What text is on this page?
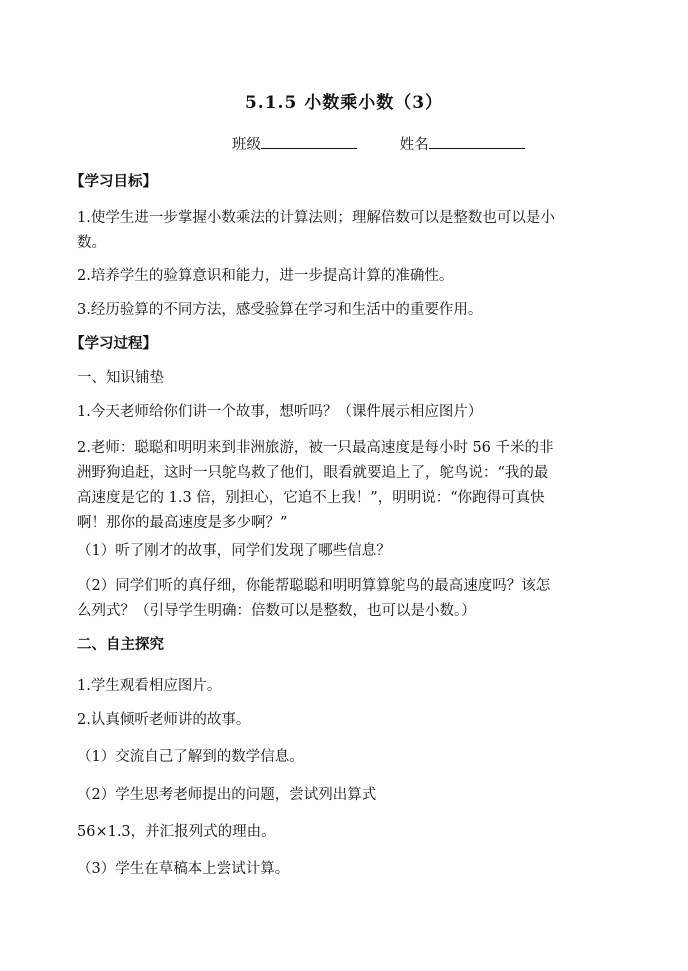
5.1.5 小数乘小数（3）
班级	姓名
【学习目标】
1.使学生进一步掌握小数乘法的计算法则；理解倍数可以是整数也可以是小数。
2.培养学生的验算意识和能力，进一步提高计算的准确性。
3.经历验算的不同方法，感受验算在学习和生活中的重要作用。
【学习过程】
一、知识铺垫
1.今天老师给你们讲一个故事，想听吗？（课件展示相应图片）
2.老师：聪聪和明明来到非洲旅游，被一只最高速度是每小时 56 千米的非洲野狗追赶，这时一只鸵鸟救了他们，眼看就要追上了，鸵鸟说：“我的最高速度是它的 1.3 倍，别担心，它追不上我！”，明明说：“你跑得可真快啊！那你的最高速度是多少啊？”
（1）听了刚才的故事，同学们发现了哪些信息？
（2）同学们听的真仔细，你能帮聪聪和明明算算鸵鸟的最高速度吗？该怎么列式？（引导学生明确：倍数可以是整数，也可以是小数。）
二、自主探究
1.学生观看相应图片。
2.认真倾听老师讲的故事。
（1）交流自己了解到的数学信息。
（2）学生思考老师提出的问题，尝试列出算式
56×1.3，并汇报列式的理由。
（3）学生在草稿本上尝试计算。
